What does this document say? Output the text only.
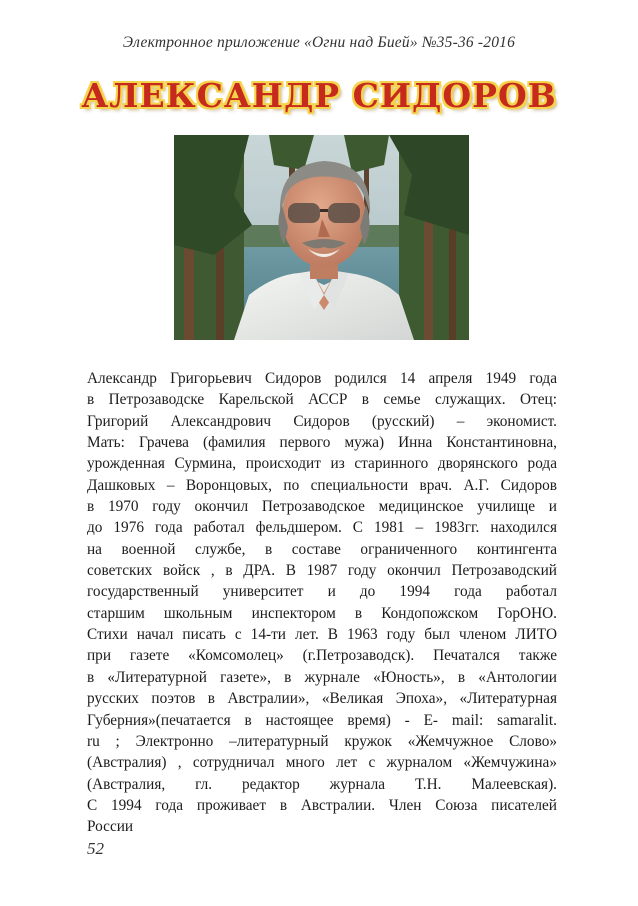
Электронное приложение «Огни над Бией» №35-36 -2016
АЛЕКСАНДР СИДОРОВ
Александр Григорьевич Сидоров родился 14 апреля 1949 года
в Петрозаводске Карельской АССР в семье служащих. Отец:
Григорий Александрович Сидоров (русский) – экономист.
Мать: Грачева (фамилия первого мужа) Инна Константиновна,
урожденная Сурмина, происходит из старинного дворянского рода
Дашковых – Воронцовых, по специальности врач. А.Г. Сидоров
в 1970 году окончил Петрозаводское медицинское училище и
до 1976 года работал фельдшером. С 1981 – 1983гг. находился
на военной службе, в составе ограниченного контингента
советских войск , в ДРА. В 1987 году окончил Петрозаводский
государственный университет и до 1994 года работал
старшим школьным инспектором в Кондопожском ГорОНО.
Стихи начал писать с 14-ти лет. В 1963 году был членом ЛИТО
при газете «Комсомолец» (г.Петрозаводск). Печатался также
в «Литературной газете», в журнале «Юность», в «Антологии
русских поэтов в Австралии», «Великая Эпоха», «Литературная
Губерния»(печатается в настоящее время) - E- mail: samaralit.
ru ; Электронно –литературный кружок «Жемчужное Слово»
(Австралия) , сотрудничал много лет с журналом «Жемчужина»
(Австралия, гл. редактор журнала Т.Н. Малеевская).
С 1994 года проживает в Австралии. Член Союза писателей
России
52
